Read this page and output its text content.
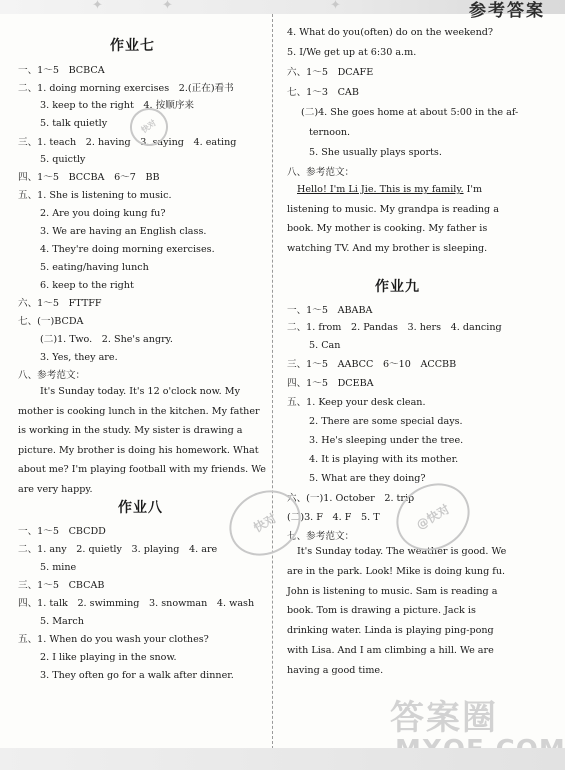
✦	✦	✦	参考答案
作业七
一、1～5　BCBCA
二、1. doing morning exercises　2.(正在)看书
3. keep to the right　4. 按顺序来
5. talk quietly
三、1. teach　2. having　3. saying　4. eating
5. quictly
四、1～5　BCCBA　6～7　BB
五、1. She is listening to music.
2. Are you doing kung fu?
3. We are having an English class.
4. They're doing morning exercises.
5. eating/having lunch
6. keep to the right
六、1～5　FTTFF
七、(一)BCDA
(二)1. Two.　2. She's angry.
3. Yes, they are.
八、参考范文：
It's Sunday today. It's 12 o'clock now. My mother is cooking lunch in the kitchen. My father is working in the study. My sister is drawing a picture. My brother is doing his homework. What about me? I'm playing football with my friends. We are very happy.
作业八
一、1～5　CBCDD
二、1. any　2. quietly　3. playing　4. are
5. mine
三、1～5　CBCAB
四、1. talk　2. swimming　3. snowman　4. wash
5. March
五、1. When do you wash your clothes?
2. I like playing in the snow.
3. They often go for a walk after dinner.
4. What do you(often) do on the weekend?
5. I/We get up at 6:30 a.m.
六、1～5　DCAFE
七、1～3　CAB
(二)4. She goes home at about 5:00 in the af-
ternoon.
5. She usually plays sports.
八、参考范文：
Hello! I'm Li Jie. This is my family. I'm listening to music. My grandpa is reading a book. My mother is cooking. My father is watching TV. And my brother is sleeping.
作业九
一、1～5　ABABA
二、1. from　2. Pandas　3. hers　4. dancing
5. Can
三、1～5　AABCC　6～10　ACCBB
四、1～5　DCEBA
五、1. Keep your desk clean.
2. There are some special days.
3. He's sleeping under the tree.
4. It is playing with its mother.
5. What are they doing?
六、(一)1. October　2. trip
(二)3. F　4. F　5. T
七、参考范文：
It's Sunday today. The weather is good. We are in the park. Look! Mike is doing kung fu. John is listening to music. Sam is reading a book. Tom is drawing a picture. Jack is drinking water. Linda is playing ping-pong with Lisa. And I am climbing a hill. We are having a good time.
快对
快对	@快对
答案圈
